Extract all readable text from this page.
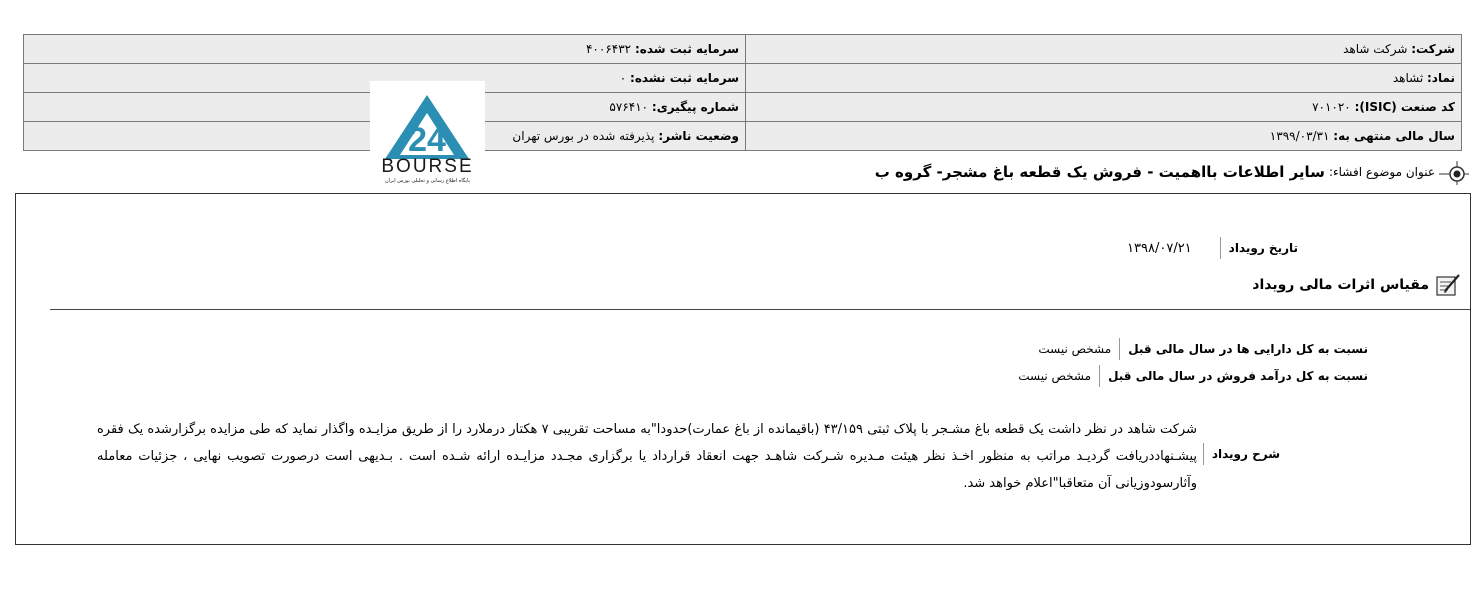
شرکت: شرکت شاهد	سرمایه ثبت شده: ۴۰۰۶۴۳۲
نماد: ثشاهد	سرمایه ثبت نشده: ۰
کد صنعت (ISIC): ۷۰۱۰۲۰	شماره پیگیری: ۵۷۶۴۱۰
سال مالی منتهی به: ۱۳۹۹/۰۳/۳۱	وضعیت ناشر: پذیرفته شده در بورس تهران
24
BOURSE
پایگاه اطلاع رسانی و تحلیلی بورس ایران
عنوان موضوع افشاء:
سایر اطلاعات بااهمیت - فروش یک قطعه باغ مشجر- گروه ب
تاریخ رویداد
۱۳۹۸/۰۷/۲۱
مقیاس اثرات مالی رویداد
نسبت به کل دارایی ها در سال مالی قبل
مشخص نیست
نسبت به کل درآمد فروش در سال مالی قبل
مشخص نیست
شرح رویداد
شرکت شاهد در نظر داشت یک قطعه باغ مشـجر با پلاک ثبتی ۴۳/۱۵۹ (باقیمانده از باغ عمارت)حدودا"به مساحت تقریبی ۷ هکتار درملارد را از طریق مزایـده واگذار نماید که طی مزایده برگزارشده یک فقره پیشـنهاددریافت گردیـد مراتب به منظور اخـذ نظر هیئت مـدیره شـرکت شاهـد جهت انعقاد قرارداد یا برگزاری مجـدد مزایـده ارائه شـده است . بـدیهی است درصورت تصویب نهایی ، جزئیات معامله وآثارسودوزیانی آن متعاقبا"اعلام خواهد شد.
